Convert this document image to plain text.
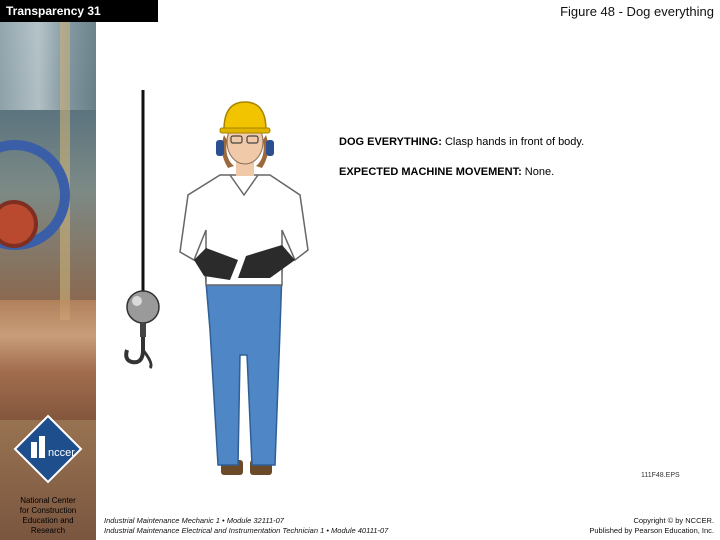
nccer
National Center
for Construction
Education and
Research
Transparency 31	Figure 48 - Dog everything
DOG EVERYTHING: Clasp hands in front of body.
EXPECTED MACHINE MOVEMENT: None.
111F48.EPS
Industrial Maintenance Mechanic 1 • Module 32111-07
Industrial Maintenance Electrical and Instrumentation Technician 1 • Module 40111-07
Copyright © by NCCER.
Published by Pearson Education, Inc.
